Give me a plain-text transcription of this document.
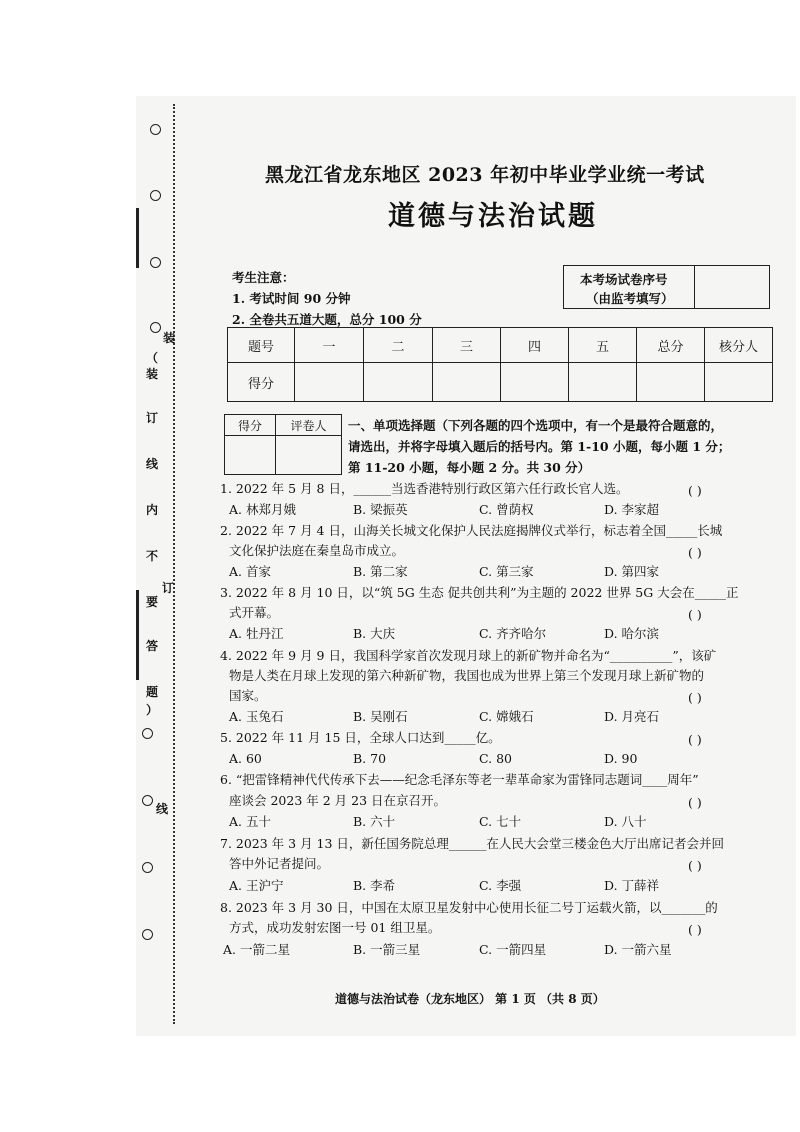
装
订
线
（
装
订
线
内
不
要
答
题
）
黑龙江省龙东地区 2023 年初中毕业学业统一考试
道德与法治试题
考生注意：
1. 考试时间 90 分钟
2. 全卷共五道大题，总分 100 分
本考场试卷序号
（由监考填写）
题号	一	二	三	四	五	总分	核分人
得分							
得分	评卷人
	一、单项选择题（下列各题的四个选项中，有一个是最符合题意的，
请选出，并将字母填入题后的括号内。第 1-10 小题，每小题 1 分；
第 11-20 小题，每小题 2 分。共 30 分）
1. 2022 年 5 月 8 日，______当选香港特别行政区第六任行政长官人选。	( )
A. 林郑月娥	B. 梁振英	C. 曾荫权	D. 李家超
2. 2022 年 7 月 4 日，山海关长城文化保护人民法庭揭牌仪式举行，标志着全国_____长城
文化保护法庭在秦皇岛市成立。	( )
A. 首家	B. 第二家	C. 第三家	D. 第四家
3. 2022 年 8 月 10 日，以“筑 5G 生态 促共创共利”为主题的 2022 世界 5G 大会在_____正
式开幕。	( )
A. 牡丹江	B. 大庆	C. 齐齐哈尔	D. 哈尔滨
4. 2022 年 9 月 9 日，我国科学家首次发现月球上的新矿物并命名为“__________”，该矿
物是人类在月球上发现的第六种新矿物，我国也成为世界上第三个发现月球上新矿物的
国家。	( )
A. 玉兔石	B. 吴刚石	C. 嫦娥石	D. 月亮石
5. 2022 年 11 月 15 日，全球人口达到_____亿。	( )
A. 60	B. 70	C. 80	D. 90
6. “把雷锋精神代代传承下去——纪念毛泽东等老一辈革命家为雷锋同志题词____周年”
座谈会 2023 年 2 月 23 日在京召开。	( )
A. 五十	B. 六十	C. 七十	D. 八十
7. 2023 年 3 月 13 日，新任国务院总理______在人民大会堂三楼金色大厅出席记者会并回
答中外记者提问。	( )
A. 王沪宁	B. 李希	C. 李强	D. 丁薛祥
8. 2023 年 3 月 30 日，中国在太原卫星发射中心使用长征二号丁运载火箭，以_______的
方式，成功发射宏图一号 01 组卫星。	( )
A. 一箭二星	B. 一箭三星	C. 一箭四星	D. 一箭六星
道德与法治试卷（龙东地区） 第 1 页 （共 8 页）
